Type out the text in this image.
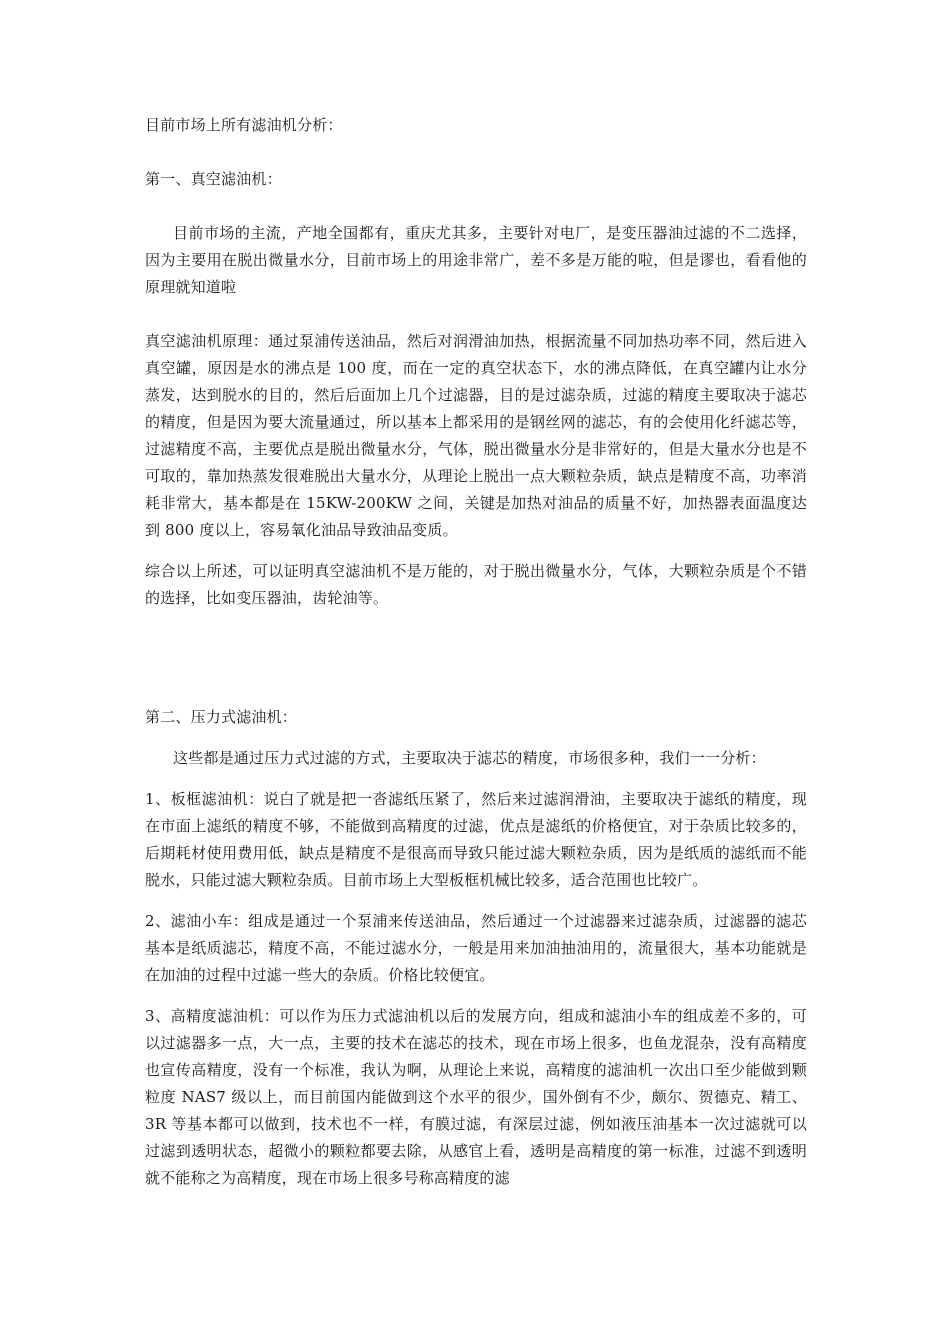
目前市场上所有滤油机分析：

第一、真空滤油机：

目前市场的主流，产地全国都有，重庆尤其多，主要针对电厂，是变压器油过滤的不二选择，因为主要用在脱出微量水分，目前市场上的用途非常广，差不多是万能的啦，但是谬也，看看他的原理就知道啦

真空滤油机原理：通过泵浦传送油品，然后对润滑油加热，根据流量不同加热功率不同，然后进入真空罐，原因是水的沸点是 100 度，而在一定的真空状态下，水的沸点降低，在真空罐内让水分蒸发，达到脱水的目的，然后后面加上几个过滤器，目的是过滤杂质，过滤的精度主要取决于滤芯的精度，但是因为要大流量通过，所以基本上都采用的是钢丝网的滤芯，有的会使用化纤滤芯等，过滤精度不高，主要优点是脱出微量水分，气体，脱出微量水分是非常好的，但是大量水分也是不可取的，靠加热蒸发很难脱出大量水分，从理论上脱出一点大颗粒杂质，缺点是精度不高，功率消耗非常大，基本都是在 15KW-200KW 之间，关键是加热对油品的质量不好，加热器表面温度达到 800 度以上，容易氧化油品导致油品变质。

综合以上所述，可以证明真空滤油机不是万能的，对于脱出微量水分，气体，大颗粒杂质是个不错的选择，比如变压器油，齿轮油等。

第二、压力式滤油机：

这些都是通过压力式过滤的方式，主要取决于滤芯的精度，市场很多种，我们一一分析：

1、板框滤油机：说白了就是把一沓滤纸压紧了，然后来过滤润滑油，主要取决于滤纸的精度，现在市面上滤纸的精度不够，不能做到高精度的过滤，优点是滤纸的价格便宜，对于杂质比较多的，后期耗材使用费用低，缺点是精度不是很高而导致只能过滤大颗粒杂质，因为是纸质的滤纸而不能脱水，只能过滤大颗粒杂质。目前市场上大型板框机械比较多，适合范围也比较广。

2、滤油小车：组成是通过一个泵浦来传送油品，然后通过一个过滤器来过滤杂质，过滤器的滤芯基本是纸质滤芯，精度不高，不能过滤水分，一般是用来加油抽油用的，流量很大，基本功能就是在加油的过程中过滤一些大的杂质。价格比较便宜。

3、高精度滤油机：可以作为压力式滤油机以后的发展方向，组成和滤油小车的组成差不多的，可以过滤器多一点，大一点，主要的技术在滤芯的技术，现在市场上很多，也鱼龙混杂，没有高精度也宣传高精度，没有一个标准，我认为啊，从理论上来说，高精度的滤油机一次出口至少能做到颗粒度 NAS7 级以上，而目前国内能做到这个水平的很少，国外倒有不少，颇尔、贺德克、精工、3R 等基本都可以做到，技术也不一样，有膜过滤，有深层过滤，例如液压油基本一次过滤就可以过滤到透明状态，超微小的颗粒都要去除，从感官上看，透明是高精度的第一标准，过滤不到透明就不能称之为高精度，现在市场上很多号称高精度的滤
